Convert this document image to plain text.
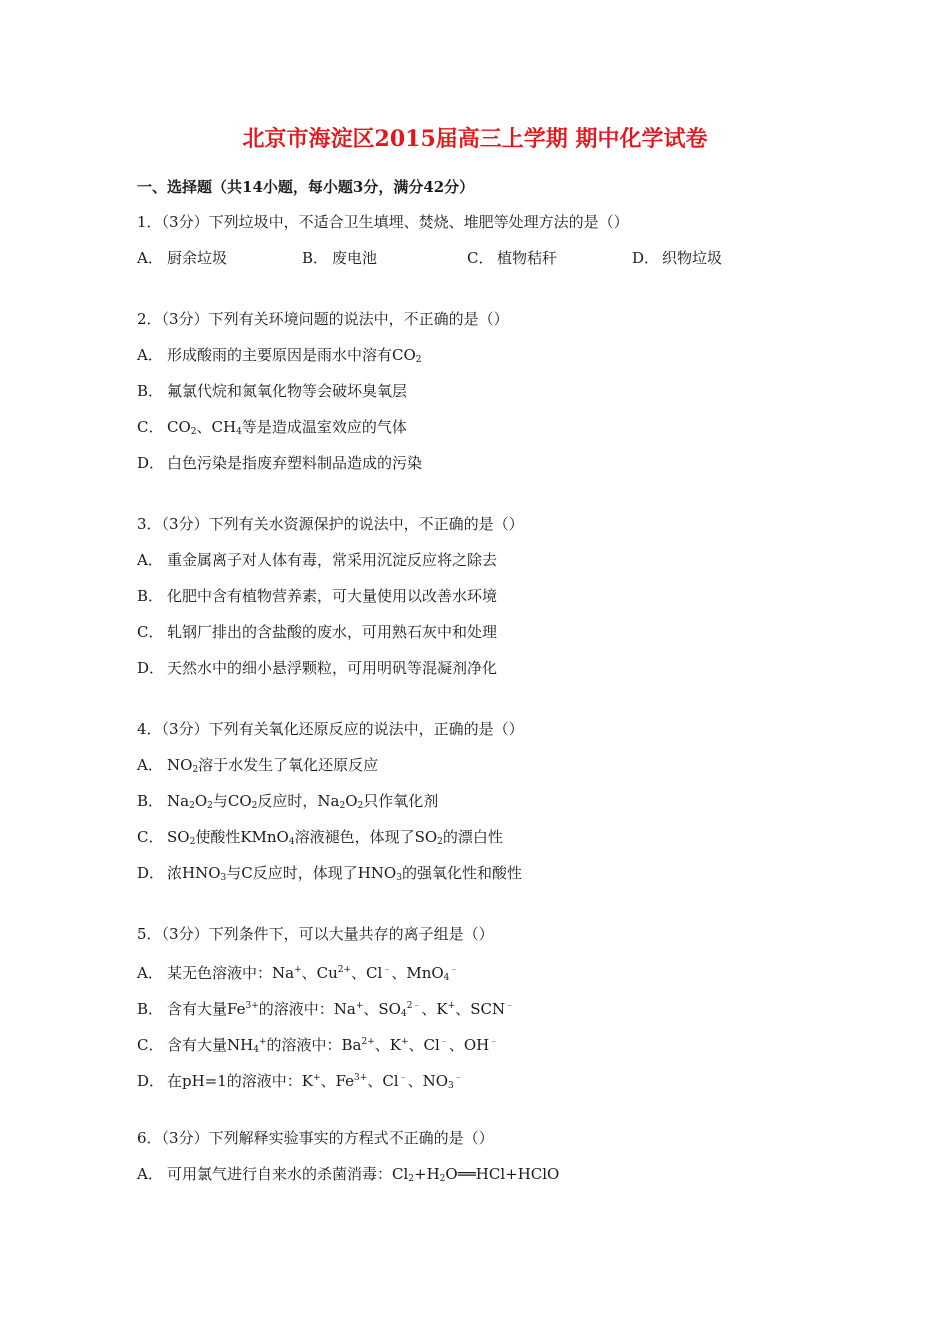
北京市海淀区2015届高三上学期 期中化学试卷
一、选择题（共14小题，每小题3分，满分42分）
1．（3分）下列垃圾中，不适合卫生填埋、焚烧、堆肥等处理方法的是（）
A． 厨余垃圾	B． 废电池	C． 植物秸秆	D． 织物垃圾
2．（3分）下列有关环境问题的说法中，不正确的是（）
A． 形成酸雨的主要原因是雨水中溶有$CO_2$
B． 氟氯代烷和氮氧化物等会破坏臭氧层
C． $CO_2$、$CH_4$等是造成温室效应的气体
D． 白色污染是指废弃塑料制品造成的污染
3．（3分）下列有关水资源保护的说法中，不正确的是（）
A． 重金属离子对人体有毒，常采用沉淀反应将之除去
B． 化肥中含有植物营养素，可大量使用以改善水环境
C． 轧钢厂排出的含盐酸的废水，可用熟石灰中和处理
D． 天然水中的细小悬浮颗粒，可用明矾等混凝剂净化
4．（3分）下列有关氧化还原反应的说法中，正确的是（）
A． $NO_2$溶于水发生了氧化还原反应
B． $Na_2O_2$与$CO_2$反应时，$Na_2O_2$只作氧化剂
C． $SO_2$使酸性KMnO$_4$溶液褪色，体现了$SO_2$的漂白性
D． 浓$HNO_3$与C反应时，体现了$HNO_3$的强氧化性和酸性
5．（3分）下列条件下，可以大量共存的离子组是（）
A． 某无色溶液中：Na+、$Cu^{2+}$、Cl﹣、MnO$_4$﹣
B． 含有大量$Fe^{3+}$的溶液中：Na+、$SO_4^{2﹣}$、K+、SCN﹣
C． 含有大量$NH_4^+$的溶液中：$Ba^{2+}$、K+、Cl﹣、OH﹣
D． 在pH=1的溶液中：K+、$Fe^{3+}$、Cl﹣、$NO_3^﹣$
6．（3分）下列解释实验事实的方程式不正确的是（）
A． 可用氯气进行自来水的杀菌消毒：$Cl_2+H_2O══HCl+HClO$
